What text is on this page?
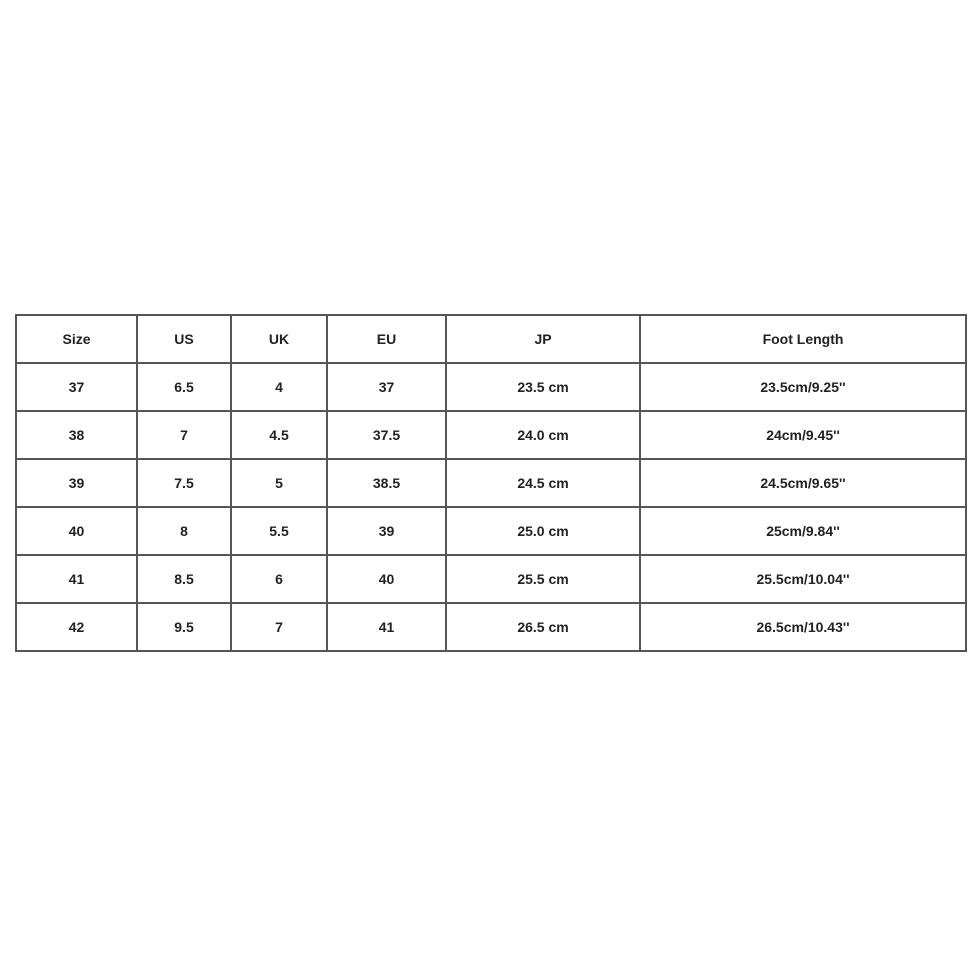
Size	US	UK	EU	JP	Foot Length
37	6.5	4	37	23.5 cm	23.5cm/9.25''
38	7	4.5	37.5	24.0 cm	24cm/9.45''
39	7.5	5	38.5	24.5 cm	24.5cm/9.65''
40	8	5.5	39	25.0 cm	25cm/9.84''
41	8.5	6	40	25.5 cm	25.5cm/10.04''
42	9.5	7	41	26.5 cm	26.5cm/10.43''
